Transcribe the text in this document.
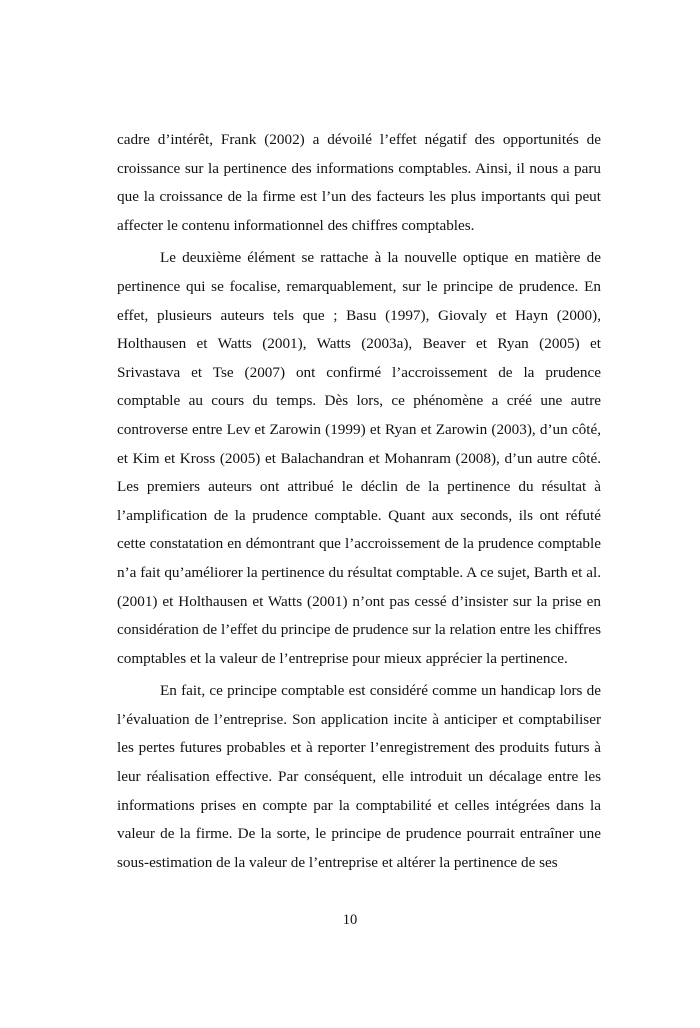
cadre d’intérêt, Frank (2002) a dévoilé l’effet négatif des opportunités de croissance sur la pertinence des informations comptables. Ainsi, il nous a paru que la croissance de la firme est l’un des facteurs les plus importants qui peut affecter le contenu informationnel des chiffres comptables.

Le deuxième élément se rattache à la nouvelle optique en matière de pertinence qui se focalise, remarquablement, sur le principe de prudence. En effet, plusieurs auteurs tels que ; Basu (1997), Giovaly et Hayn (2000), Holthausen et Watts (2001), Watts (2003a), Beaver et Ryan (2005) et Srivastava et Tse (2007) ont confirmé l’accroissement de la prudence comptable au cours du temps. Dès lors, ce phénomène a créé une autre controverse entre Lev et Zarowin (1999) et Ryan et Zarowin (2003), d’un côté, et Kim et Kross (2005) et Balachandran et Mohanram (2008), d’un autre côté. Les premiers auteurs ont attribué le déclin de la pertinence du résultat à l’amplification de la prudence comptable. Quant aux seconds, ils ont réfuté cette constatation en démontrant que l’accroissement de la prudence comptable n’a fait qu’améliorer la pertinence du résultat comptable. A ce sujet, Barth et al. (2001) et Holthausen et Watts (2001) n’ont pas cessé d’insister sur la prise en considération de l’effet du principe de prudence sur la relation entre les chiffres comptables et la valeur de l’entreprise pour mieux apprécier la pertinence.

En fait, ce principe comptable est considéré comme un handicap lors de l’évaluation de l’entreprise. Son application incite à anticiper et comptabiliser les pertes futures probables et à reporter l’enregistrement des produits futurs à leur réalisation effective. Par conséquent, elle introduit un décalage entre les informations prises en compte par la comptabilité et celles intégrées dans la valeur de la firme. De la sorte, le principe de prudence pourrait entraîner une sous-estimation de la valeur de l’entreprise et altérer la pertinence de ses

10
